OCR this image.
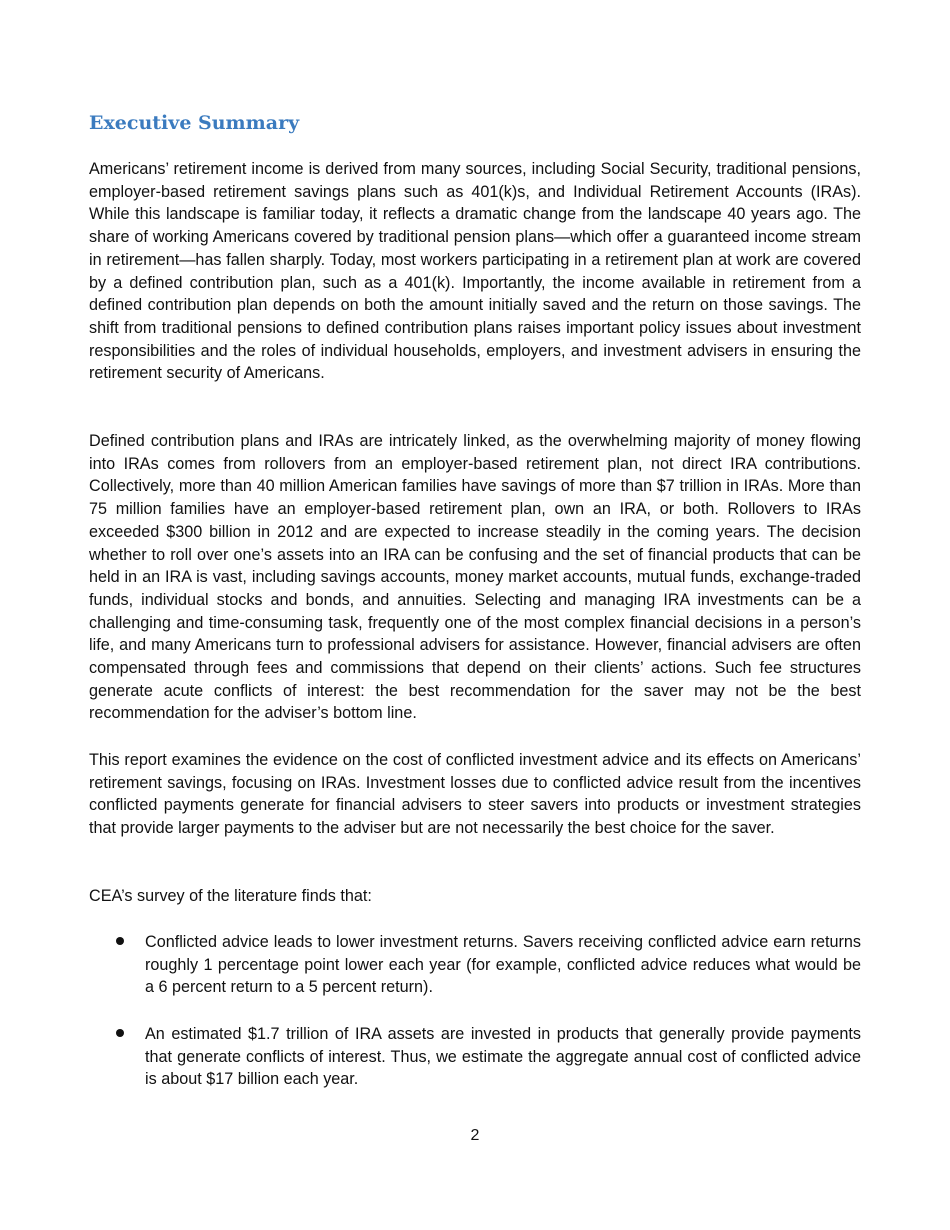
Executive Summary

Americans’ retirement income is derived from many sources, including Social Security, traditional pensions, employer-based retirement savings plans such as 401(k)s, and Individual Retirement Accounts (IRAs). While this landscape is familiar today, it reflects a dramatic change from the landscape 40 years ago. The share of working Americans covered by traditional pension plans—which offer a guaranteed income stream in retirement—has fallen sharply. Today, most workers participating in a retirement plan at work are covered by a defined contribution plan, such as a 401(k). Importantly, the income available in retirement from a defined contribution plan depends on both the amount initially saved and the return on those savings. The shift from traditional pensions to defined contribution plans raises important policy issues about investment responsibilities and the roles of individual households, employers, and investment advisers in ensuring the retirement security of Americans.

Defined contribution plans and IRAs are intricately linked, as the overwhelming majority of money flowing into IRAs comes from rollovers from an employer-based retirement plan, not direct IRA contributions. Collectively, more than 40 million American families have savings of more than $7 trillion in IRAs. More than 75 million families have an employer-based retirement plan, own an IRA, or both. Rollovers to IRAs exceeded $300 billion in 2012 and are expected to increase steadily in the coming years. The decision whether to roll over one’s assets into an IRA can be confusing and the set of financial products that can be held in an IRA is vast, including savings accounts, money market accounts, mutual funds, exchange-traded funds, individual stocks and bonds, and annuities. Selecting and managing IRA investments can be a challenging and time-consuming task, frequently one of the most complex financial decisions in a person’s life, and many Americans turn to professional advisers for assistance. However, financial advisers are often compensated through fees and commissions that depend on their clients’ actions. Such fee structures generate acute conflicts of interest: the best recommendation for the saver may not be the best recommendation for the adviser’s bottom line.

This report examines the evidence on the cost of conflicted investment advice and its effects on Americans’ retirement savings, focusing on IRAs. Investment losses due to conflicted advice result from the incentives conflicted payments generate for financial advisers to steer savers into products or investment strategies that provide larger payments to the adviser but are not necessarily the best choice for the saver.

CEA’s survey of the literature finds that:

Conflicted advice leads to lower investment returns. Savers receiving conflicted advice earn returns roughly 1 percentage point lower each year (for example, conflicted advice reduces what would be a 6 percent return to a 5 percent return).

An estimated $1.7 trillion of IRA assets are invested in products that generally provide payments that generate conflicts of interest. Thus, we estimate the aggregate annual cost of conflicted advice is about $17 billion each year.

2
